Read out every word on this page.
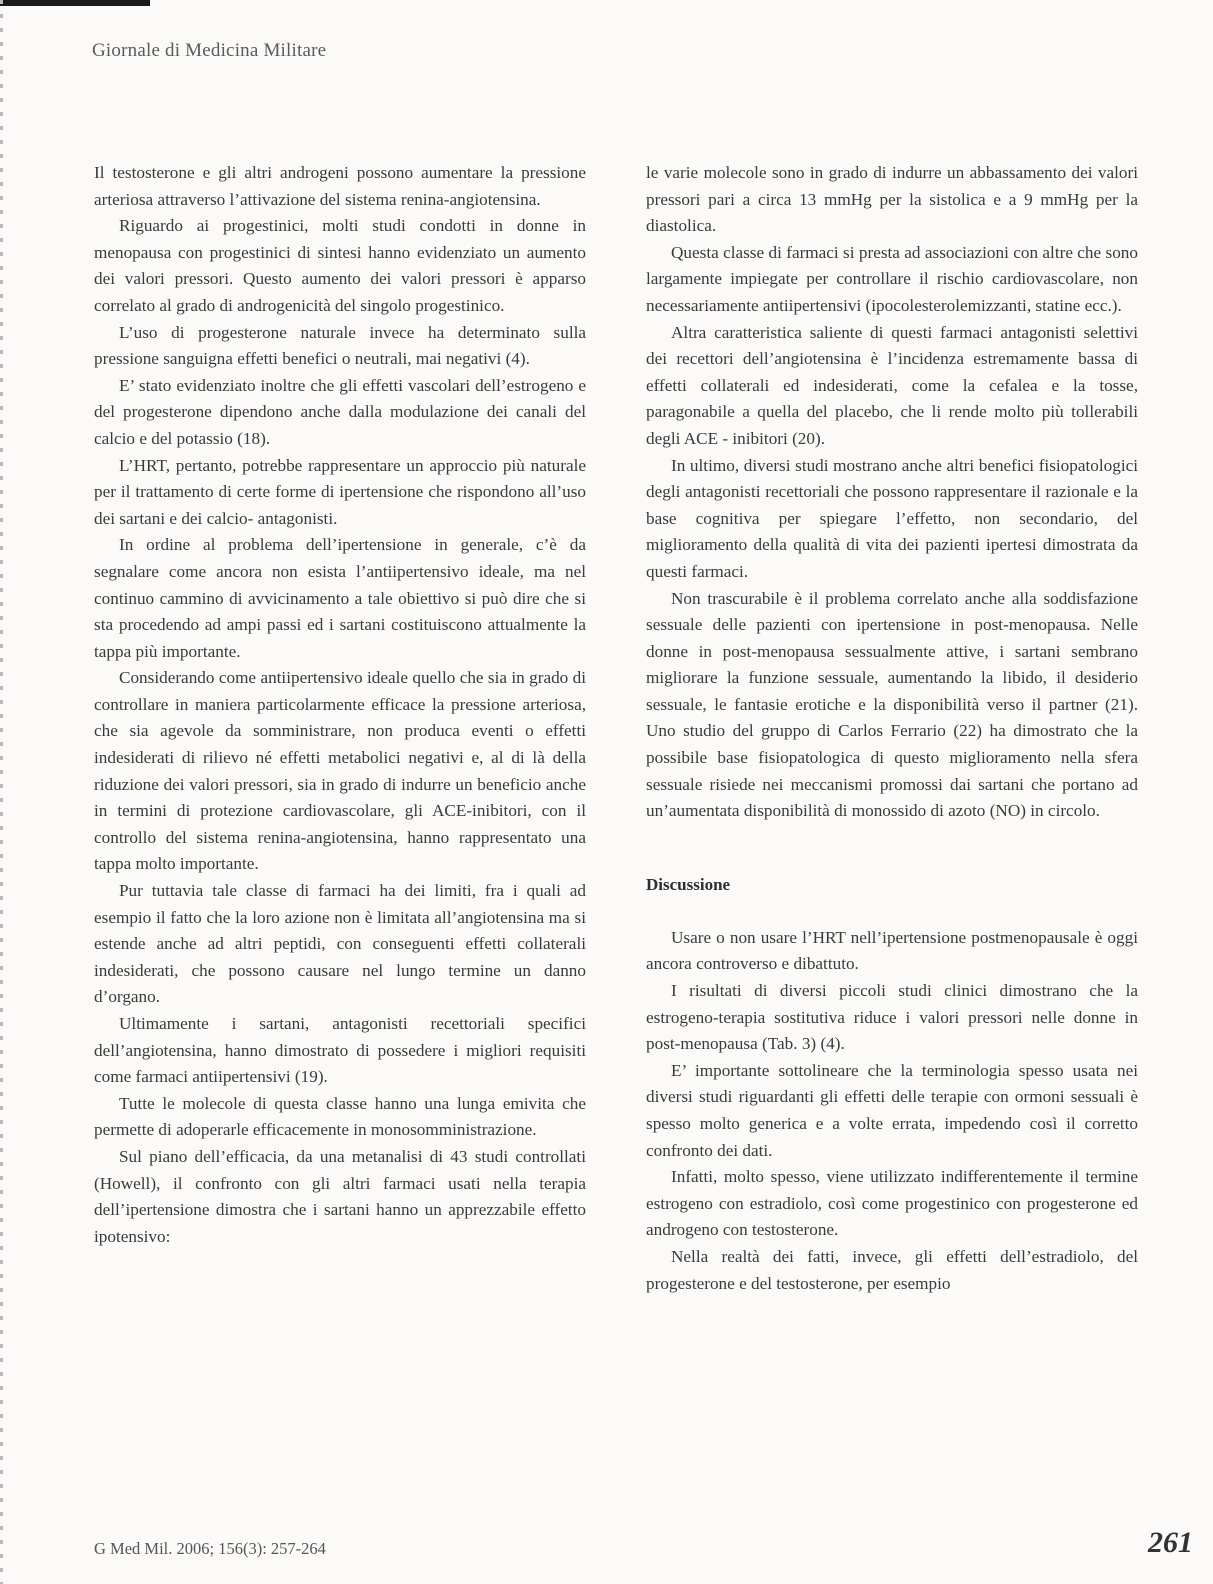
Giornale di Medicina Militare

Il testosterone e gli altri androgeni possono aumentare la pressione arteriosa attraverso l’attivazione del sistema renina-angiotensina.

Riguardo ai progestinici, molti studi condotti in donne in menopausa con progestinici di sintesi hanno evidenziato un aumento dei valori pressori. Questo aumento dei valori pressori è apparso correlato al grado di androgenicità del singolo progestinico.

L’uso di progesterone naturale invece ha determinato sulla pressione sanguigna effetti benefici o neutrali, mai negativi (4).

E’ stato evidenziato inoltre che gli effetti vascolari dell’estrogeno e del progesterone dipendono anche dalla modulazione dei canali del calcio e del potassio (18).

L’HRT, pertanto, potrebbe rappresentare un approccio più naturale per il trattamento di certe forme di ipertensione che rispondono all’uso dei sartani e dei calcio- antagonisti.

In ordine al problema dell’ipertensione in generale, c’è da segnalare come ancora non esista l’antiipertensivo ideale, ma nel continuo cammino di avvicinamento a tale obiettivo si può dire che si sta procedendo ad ampi passi ed i sartani costituiscono attualmente la tappa più importante.

Considerando come antiipertensivo ideale quello che sia in grado di controllare in maniera particolarmente efficace la pressione arteriosa, che sia agevole da somministrare, non produca eventi o effetti indesiderati di rilievo né effetti metabolici negativi e, al di là della riduzione dei valori pressori, sia in grado di indurre un beneficio anche in termini di protezione cardiovascolare, gli ACE-inibitori, con il controllo del sistema renina-angiotensina, hanno rappresentato una tappa molto importante.

Pur tuttavia tale classe di farmaci ha dei limiti, fra i quali ad esempio il fatto che la loro azione non è limitata all’angiotensina ma si estende anche ad altri peptidi, con conseguenti effetti collaterali indesiderati, che possono causare nel lungo termine un danno d’organo.

Ultimamente i sartani, antagonisti recettoriali specifici dell’angiotensina, hanno dimostrato di possedere i migliori requisiti come farmaci antiipertensivi (19).

Tutte le molecole di questa classe hanno una lunga emivita che permette di adoperarle efficacemente in monosomministrazione.

Sul piano dell’efficacia, da una metanalisi di 43 studi controllati (Howell), il confronto con gli altri farmaci usati nella terapia dell’ipertensione dimostra che i sartani hanno un apprezzabile effetto ipotensivo:

le varie molecole sono in grado di indurre un abbassamento dei valori pressori pari a circa 13 mmHg per la sistolica e a 9 mmHg per la diastolica.

Questa classe di farmaci si presta ad associazioni con altre che sono largamente impiegate per controllare il rischio cardiovascolare, non necessariamente antiipertensivi (ipocolesterolemizzanti, statine ecc.).

Altra caratteristica saliente di questi farmaci antagonisti selettivi dei recettori dell’angiotensina è l’incidenza estremamente bassa di effetti collaterali ed indesiderati, come la cefalea e la tosse, paragonabile a quella del placebo, che li rende molto più tollerabili degli ACE - inibitori (20).

In ultimo, diversi studi mostrano anche altri benefici fisiopatologici degli antagonisti recettoriali che possono rappresentare il razionale e la base cognitiva per spiegare l’effetto, non secondario, del miglioramento della qualità di vita dei pazienti ipertesi dimostrata da questi farmaci.

Non trascurabile è il problema correlato anche alla soddisfazione sessuale delle pazienti con ipertensione in post-menopausa. Nelle donne in post-menopausa sessualmente attive, i sartani sembrano migliorare la funzione sessuale, aumentando la libido, il desiderio sessuale, le fantasie erotiche e la disponibilità verso il partner (21). Uno studio del gruppo di Carlos Ferrario (22) ha dimostrato che la possibile base fisiopatologica di questo miglioramento nella sfera sessuale risiede nei meccanismi promossi dai sartani che portano ad un’aumentata disponibilità di monossido di azoto (NO) in circolo.

Discussione

Usare o non usare l’HRT nell’ipertensione postmenopausale è oggi ancora controverso e dibattuto.

I risultati di diversi piccoli studi clinici dimostrano che la estrogeno-terapia sostitutiva riduce i valori pressori nelle donne in post-menopausa (Tab. 3) (4).

E’ importante sottolineare che la terminologia spesso usata nei diversi studi riguardanti gli effetti delle terapie con ormoni sessuali è spesso molto generica e a volte errata, impedendo così il corretto confronto dei dati.

Infatti, molto spesso, viene utilizzato indifferentemente il termine estrogeno con estradiolo, così come progestinico con progesterone ed androgeno con testosterone.

Nella realtà dei fatti, invece, gli effetti dell’estradiolo, del progesterone e del testosterone, per esempio

G Med Mil. 2006; 156(3): 257-264	261
